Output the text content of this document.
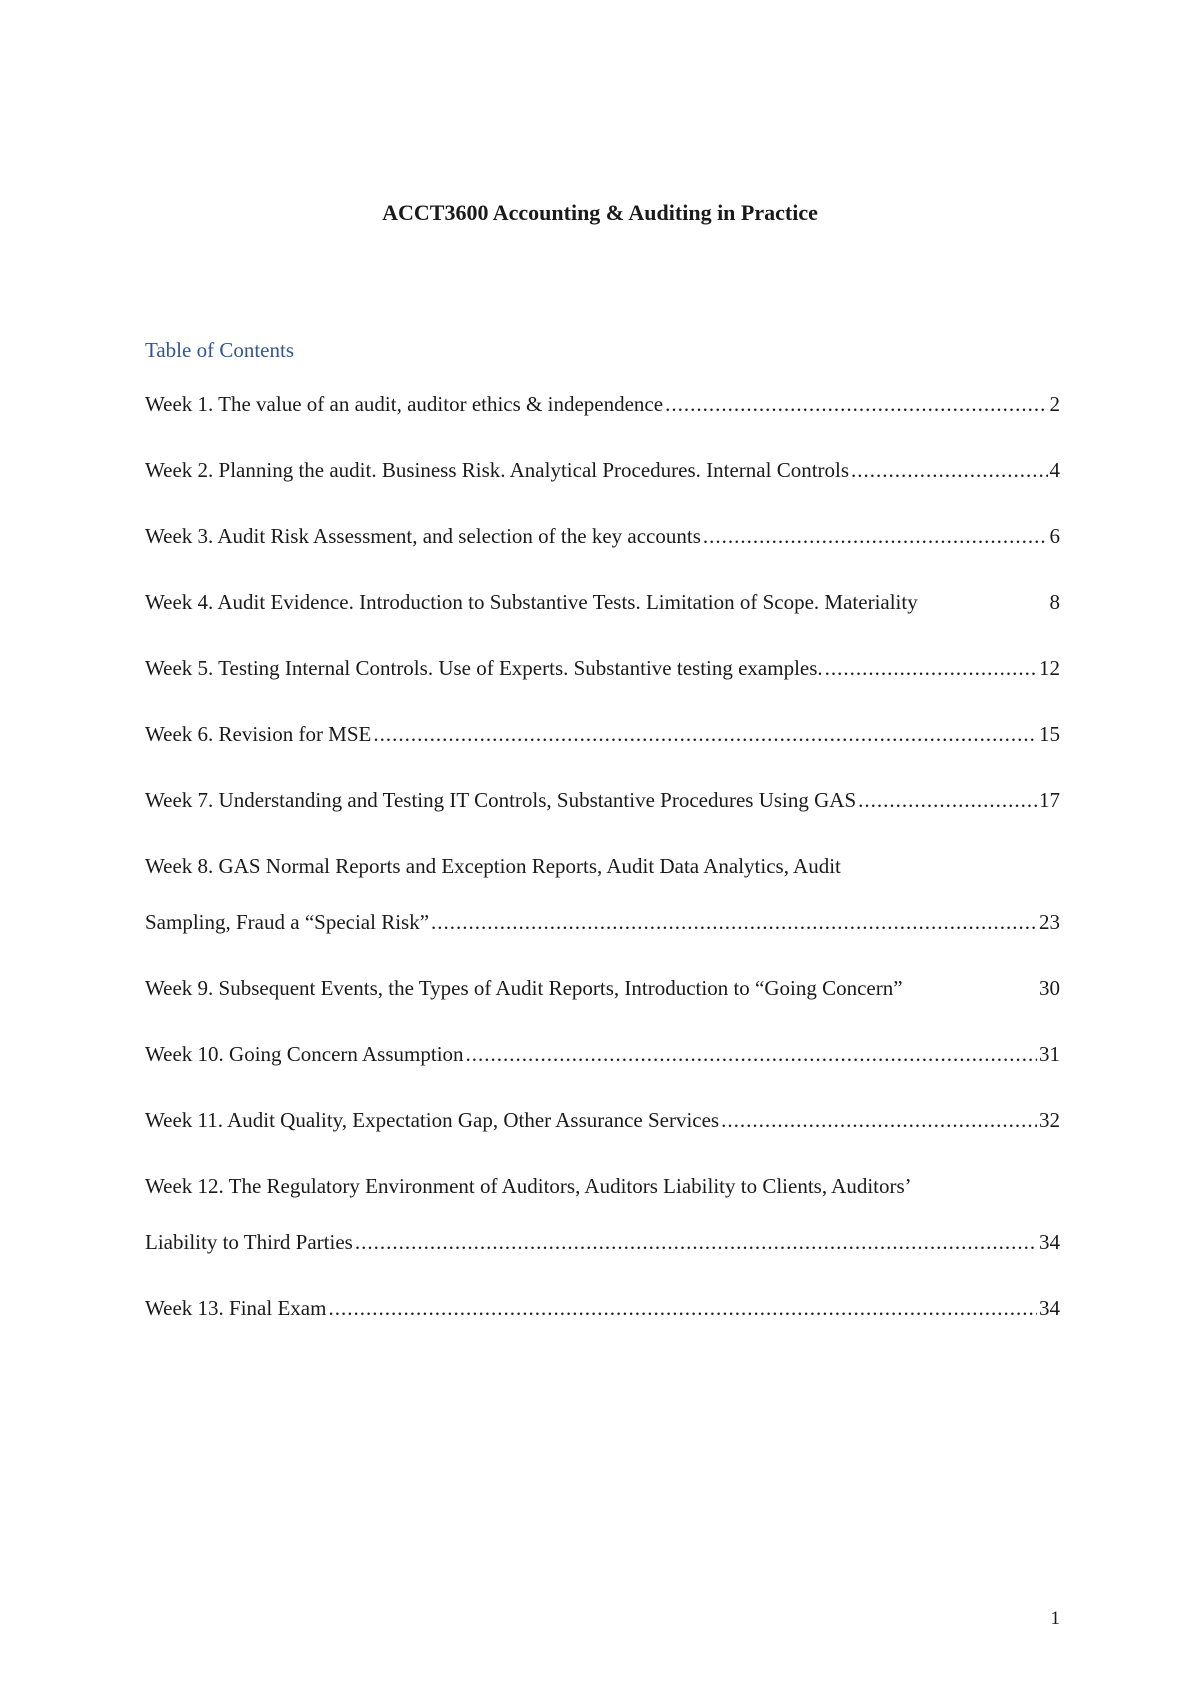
ACCT3600 Accounting & Auditing in Practice
Table of Contents
Week 1. The value of an audit, auditor ethics & independence .....	2
Week 2. Planning the audit. Business Risk. Analytical Procedures. Internal Controls .....	4
Week 3. Audit Risk Assessment, and selection of the key accounts .....	6
Week 4. Audit Evidence. Introduction to Substantive Tests. Limitation of Scope. Materiality	8
Week 5. Testing Internal Controls. Use of Experts. Substantive testing examples. .....	12
Week 6. Revision for MSE .....	15
Week 7. Understanding and Testing IT Controls, Substantive Procedures Using GAS .....	17
Week 8. GAS Normal Reports and Exception Reports, Audit Data Analytics, Audit
Sampling, Fraud a “Special Risk” .....	23
Week 9. Subsequent Events, the Types of Audit Reports, Introduction to “Going Concern”	30
Week 10. Going Concern Assumption .....	31
Week 11. Audit Quality, Expectation Gap, Other Assurance Services .....	32
Week 12. The Regulatory Environment of Auditors, Auditors Liability to Clients, Auditors’
Liability to Third Parties .....	34
Week 13. Final Exam .....	34

1
